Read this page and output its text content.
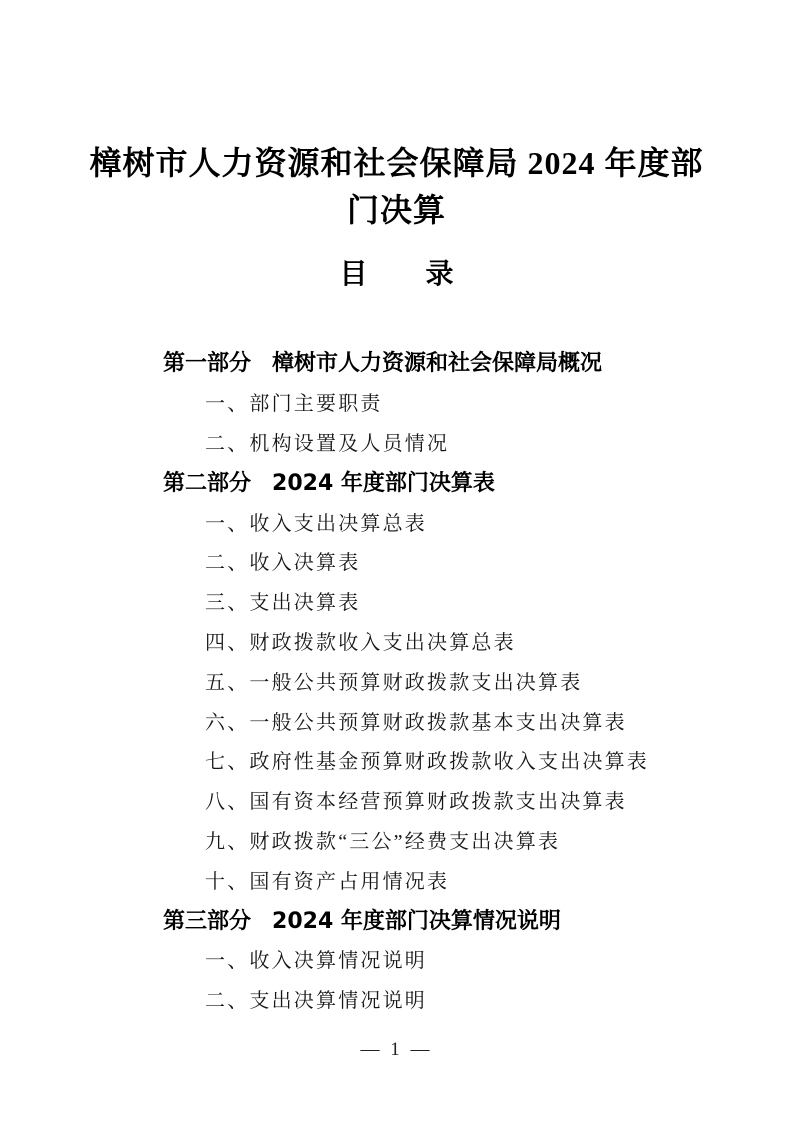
樟树市人力资源和社会保障局 2024 年度部
门决算
目 录
第一部分 樟树市人力资源和社会保障局概况
一、部门主要职责
二、机构设置及人员情况
第二部分 2024 年度部门决算表
一、收入支出决算总表
二、收入决算表
三、支出决算表
四、财政拨款收入支出决算总表
五、一般公共预算财政拨款支出决算表
六、一般公共预算财政拨款基本支出决算表
七、政府性基金预算财政拨款收入支出决算表
八、国有资本经营预算财政拨款支出决算表
九、财政拨款“三公”经费支出决算表
十、国有资产占用情况表
第三部分 2024 年度部门决算情况说明
一、收入决算情况说明
二、支出决算情况说明
— 1 —
